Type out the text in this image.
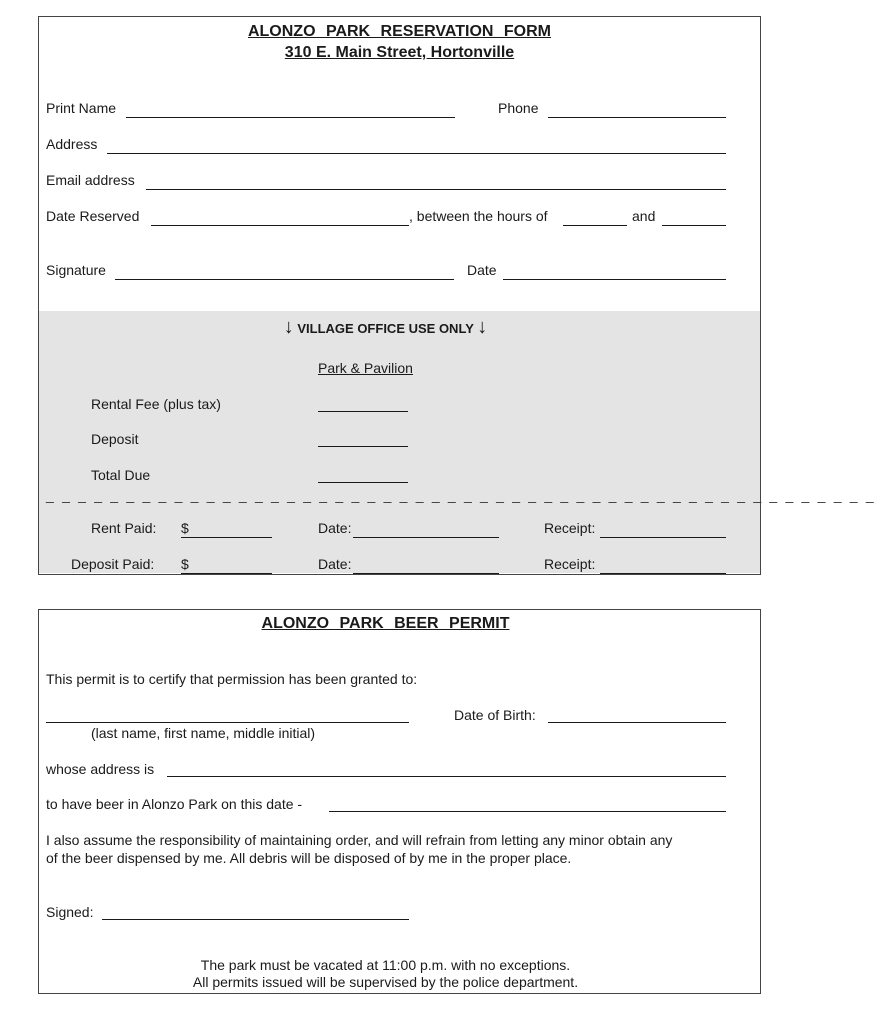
ALONZO PARK RESERVATION FORM
310 E. Main Street, Hortonville
Print Name	Phone
Address
Email address
Date Reserved	, between the hours of	and
Signature	Date
↓ VILLAGE OFFICE USE ONLY ↓
Park & Pavilion
Rental Fee (plus tax)
Deposit
Total Due
_ _ _ _ _ _ _ _ _ _ _ _ _ _ _ _ _ _ _ _ _ _ _ _ _ _ _ _ _ _ _ _ _ _ _ _ _ _ _ _ _ _ _ _ _ _ _ _ _ _ _ _
Rent Paid: $	Date:	Receipt:
Deposit Paid: $	Date:	Receipt:
ALONZO PARK BEER PERMIT
This permit is to certify that permission has been granted to:
Date of Birth:
(last name, first name, middle initial)
whose address is
to have beer in Alonzo Park on this date -
I also assume the responsibility of maintaining order, and will refrain from letting any minor obtain any
of the beer dispensed by me. All debris will be disposed of by me in the proper place.
Signed:
The park must be vacated at 11:00 p.m. with no exceptions.
All permits issued will be supervised by the police department.
